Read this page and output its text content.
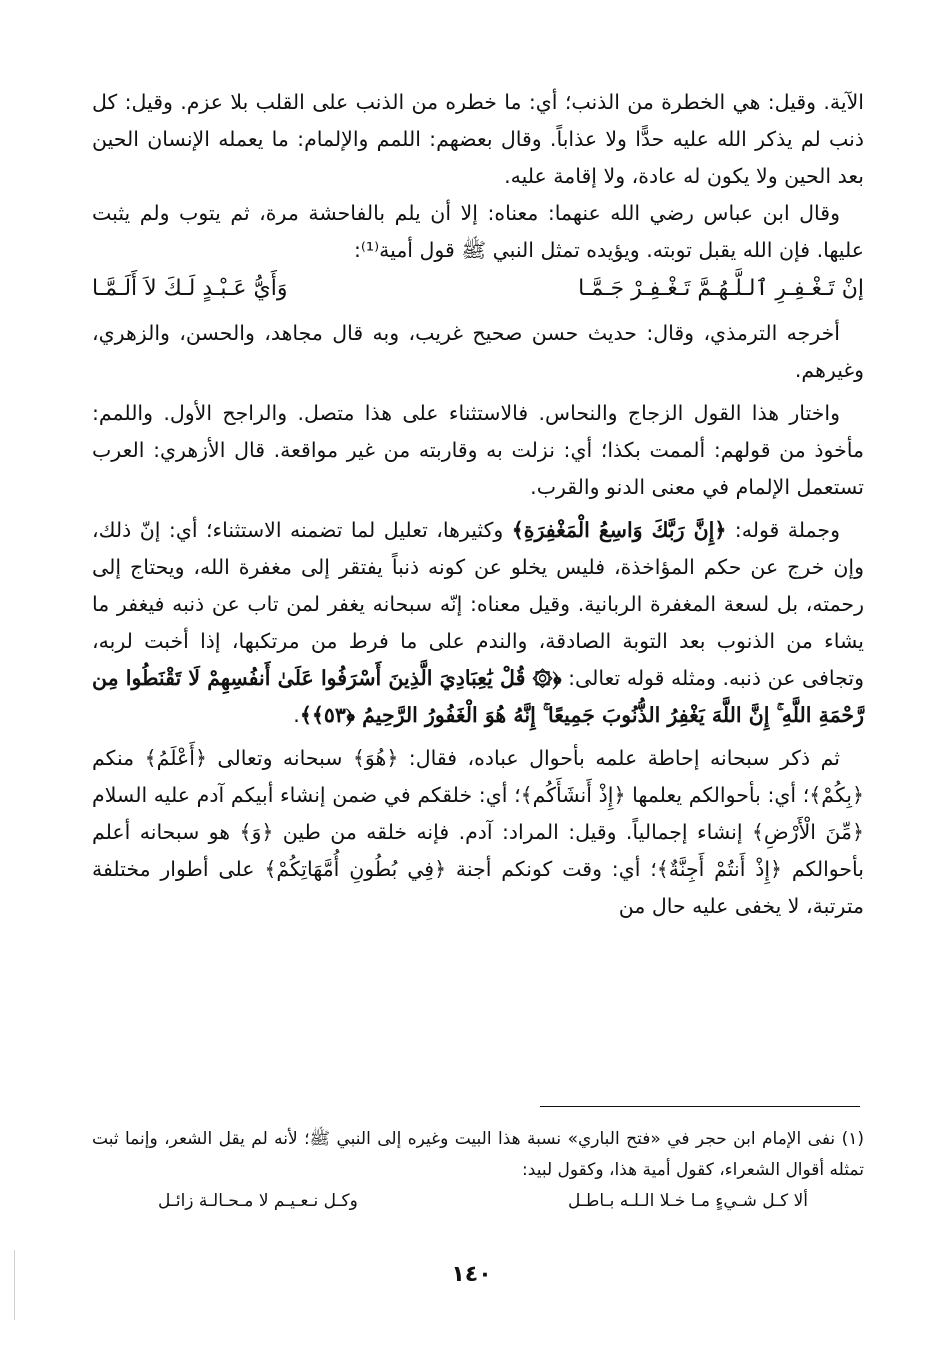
الآية. وقيل: هي الخطرة من الذنب؛ أي: ما خطره من الذنب على القلب بلا عزم. وقيل: كل ذنب لم يذكر الله عليه حدًّا ولا عذاباً. وقال بعضهم: اللمم والإلمام: ما يعمله الإنسان الحين بعد الحين ولا يكون له عادة، ولا إقامة عليه.

وقال ابن عباس رضي الله عنهما: معناه: إلا أن يلم بالفاحشة مرة، ثم يتوب ولم يثبت عليها. فإن الله يقبل توبته. ويؤيده تمثل النبي ﷺ قول أمية⁽¹⁾:

إنْ تَـغْـفِـرِ ٱلـلَّـهُـمَّ تَـغْـفِـرْ جَـمَّـا
وَأَيُّ عَـبْـدٍ لَـكَ لاَ أَلَـمَّـا

أخرجه الترمذي، وقال: حديث حسن صحيح غريب، وبه قال مجاهد، والحسن، والزهري، وغيرهم.

واختار هذا القول الزجاج والنحاس. فالاستثناء على هذا متصل. والراجح الأول. واللمم: مأخوذ من قولهم: ألممت بكذا؛ أي: نزلت به وقاربته من غير مواقعة. قال الأزهري: العرب تستعمل الإلمام في معنى الدنو والقرب.

وجملة قوله: ﴿إِنَّ رَبَّكَ وَاسِعُ الْمَغْفِرَةِ﴾ وكثيرها، تعليل لما تضمنه الاستثناء؛ أي: إنّ ذلك، وإن خرج عن حكم المؤاخذة، فليس يخلو عن كونه ذنباً يفتقر إلى مغفرة الله، ويحتاج إلى رحمته، بل لسعة المغفرة الربانية. وقيل معناه: إنّه سبحانه يغفر لمن تاب عن ذنبه فيغفر ما يشاء من الذنوب بعد التوبة الصادقة، والندم على ما فرط من مرتكبها، إذا أخبت لربه، وتجافى عن ذنبه. ومثله قوله تعالى: ﴿۞ قُلْ يَٰعِبَادِيَ الَّذِينَ أَسْرَفُوا عَلَىٰ أَنفُسِهِمْ لَا تَقْنَطُوا مِن رَّحْمَةِ اللَّهِ ۚ إِنَّ اللَّهَ يَغْفِرُ الذُّنُوبَ جَمِيعًا ۚ إِنَّهُ هُوَ الْغَفُورُ الرَّحِيمُ ﴿٥٣﴾﴾.

ثم ذكر سبحانه إحاطة علمه بأحوال عباده، فقال: ﴿هُوَ﴾ سبحانه وتعالى ﴿أَعْلَمُ﴾ منكم ﴿بِكُمْ﴾؛ أي: بأحوالكم يعلمها ﴿إِذْ أَنشَأَكُم﴾؛ أي: خلقكم في ضمن إنشاء أبيكم آدم عليه السلام ﴿مِّنَ الْأَرْضِ﴾ إنشاء إجمالياً. وقيل: المراد: آدم. فإنه خلقه من طين ﴿وَ﴾ هو سبحانه أعلم بأحوالكم ﴿إِذْ أَنتُمْ أَجِنَّةٌ﴾؛ أي: وقت كونكم أجنة ﴿فِي بُطُونِ أُمَّهَاتِكُمْ﴾ على أطوار مختلفة مترتبة، لا يخفى عليه حال من

(١) نفى الإمام ابن حجر في «فتح الباري» نسبة هذا البيت وغيره إلى النبي ﷺ؛ لأنه لم يقل الشعر، وإنما ثبت تمثله أقوال الشعراء، كقول أمية هذا، وكقول لبيد:

ألا كـل شـيءٍ مـا خـلا الـلـه بـاطـل
وكـل نـعـيـم لا مـحـالـة زائـل
١٤٠
